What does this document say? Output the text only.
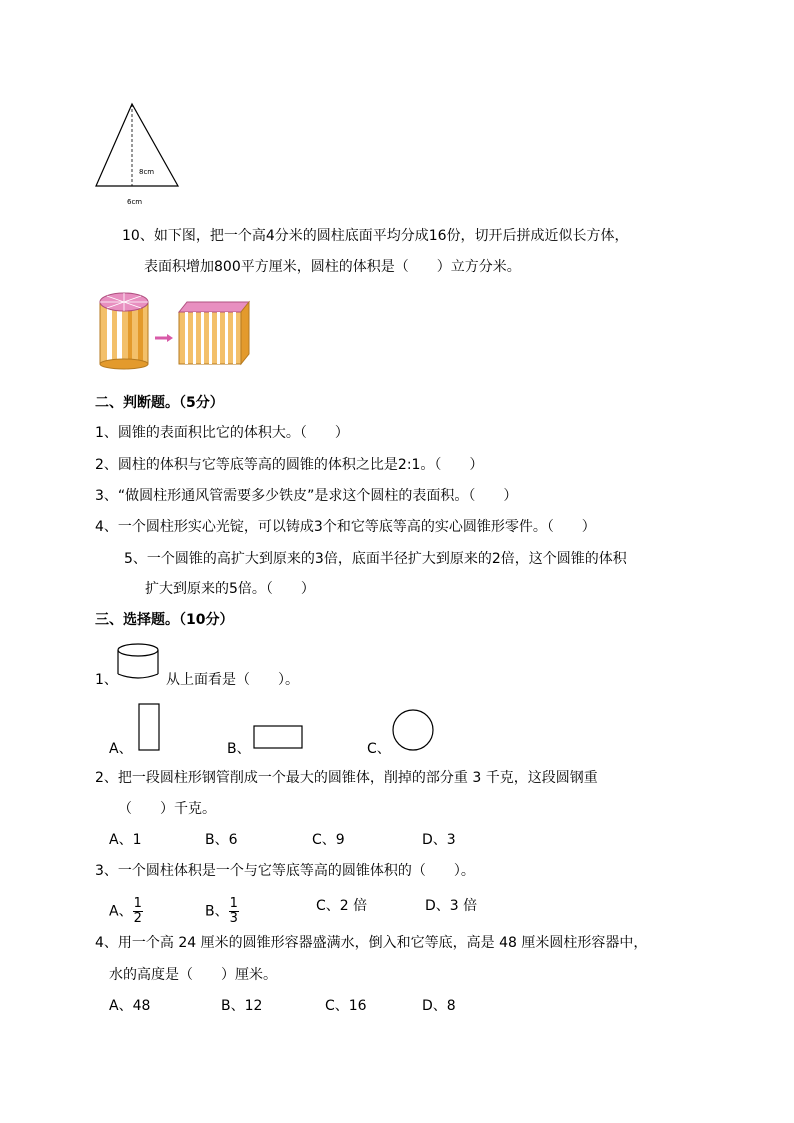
8cm
6cm
10、如下图，把一个高4分米的圆柱底面平均分成16份，切开后拼成近似长方体，
表面积增加800平方厘米，圆柱的体积是（　　）立方分米。
二、判断题。（5分）
1、圆锥的表面积比它的体积大。（　　）
2、圆柱的体积与它等底等高的圆锥的体积之比是2:1。（　　）
3、“做圆柱形通风管需要多少铁皮”是求这个圆柱的表面积。（　　）
4、一个圆柱形实心光锭，可以铸成3个和它等底等高的实心圆锥形零件。（　　）
5、一个圆锥的高扩大到原来的3倍，底面半径扩大到原来的2倍，这个圆锥的体积
扩大到原来的5倍。（　　）
三、选择题。（10分）
1、	从上面看是（　　）。
A、	B、	C、
2、把一段圆柱形钢管削成一个最大的圆锥体，削掉的部分重 3 千克，这段圆钢重
（　　）千克。
A、1	B、6	C、9	D、3
3、一个圆柱体积是一个与它等底等高的圆锥体积的（　　）。
A、 $\frac{1}{2}$	B、 $\frac{1}{3}$	C、2 倍	D、3 倍
4、用一个高 24 厘米的圆锥形容器盛满水，倒入和它等底，高是 48 厘米圆柱形容器中，
水的高度是（　　）厘米。
A、48	B、12	C、16	D、8
